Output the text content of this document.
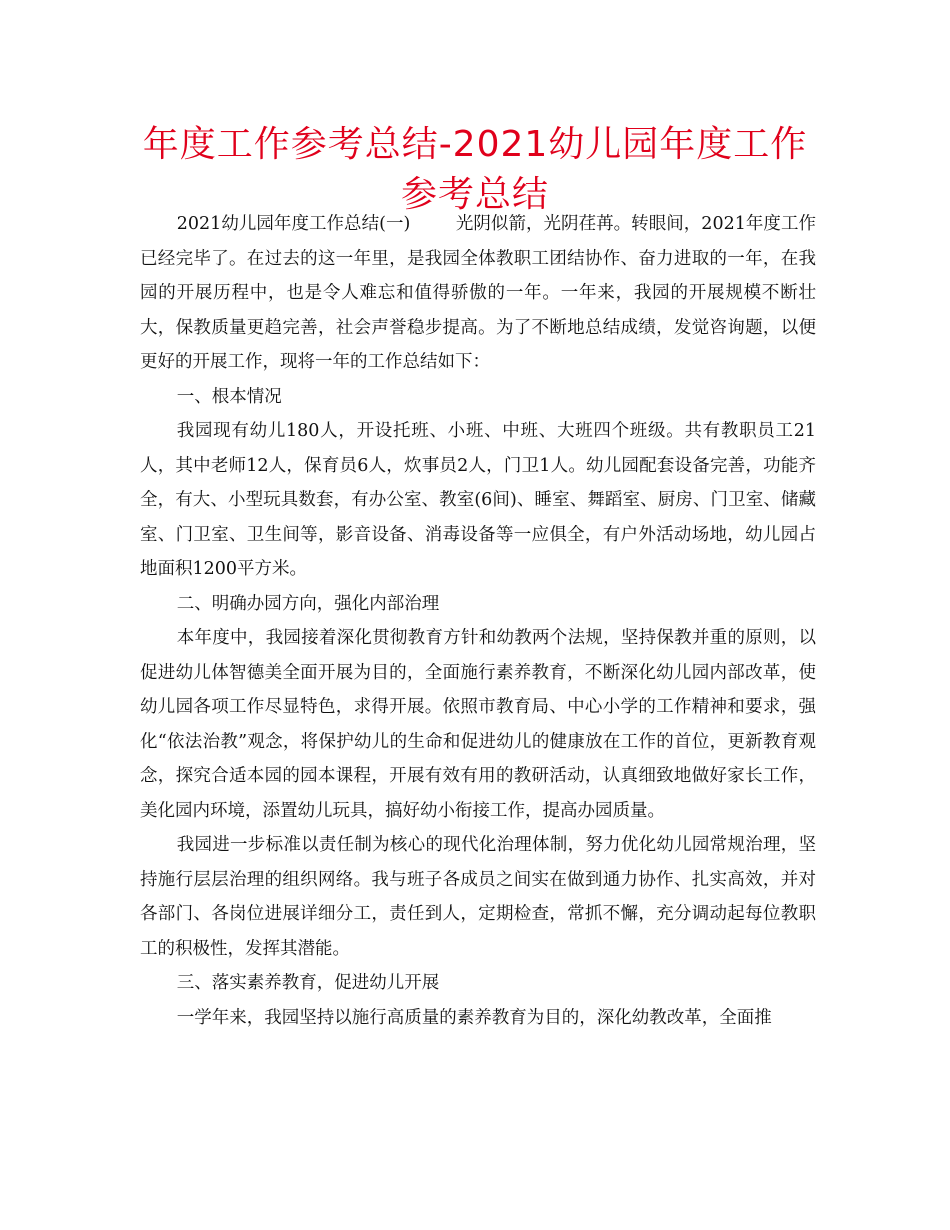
年度工作参考总结-2021幼儿园年度工作参考总结

2021幼儿园年度工作总结(一)	光阴似箭，光阴荏苒。转眼间，2021年度工作已经完毕了。在过去的这一年里，是我园全体教职工团结协作、奋力进取的一年，在我园的开展历程中，也是令人难忘和值得骄傲的一年。一年来，我园的开展规模不断壮大，保教质量更趋完善，社会声誉稳步提高。为了不断地总结成绩，发觉咨询题，以便更好的开展工作，现将一年的工作总结如下：

一、根本情况

我园现有幼儿180人，开设托班、小班、中班、大班四个班级。共有教职员工21人，其中老师12人，保育员6人，炊事员2人，门卫1人。幼儿园配套设备完善，功能齐全，有大、小型玩具数套，有办公室、教室(6间)、睡室、舞蹈室、厨房、门卫室、储藏室、门卫室、卫生间等，影音设备、消毒设备等一应俱全，有户外活动场地，幼儿园占地面积1200平方米。

二、明确办园方向，强化内部治理

本年度中，我园接着深化贯彻教育方针和幼教两个法规，坚持保教并重的原则，以促进幼儿体智德美全面开展为目的，全面施行素养教育，不断深化幼儿园内部改革，使幼儿园各项工作尽显特色，求得开展。依照市教育局、中心小学的工作精神和要求，强化“依法治教”观念，将保护幼儿的生命和促进幼儿的健康放在工作的首位，更新教育观念，探究合适本园的园本课程，开展有效有用的教研活动，认真细致地做好家长工作，美化园内环境，添置幼儿玩具，搞好幼小衔接工作，提高办园质量。

我园进一步标准以责任制为核心的现代化治理体制，努力优化幼儿园常规治理，坚持施行层层治理的组织网络。我与班子各成员之间实在做到通力协作、扎实高效，并对各部门、各岗位进展详细分工，责任到人，定期检查，常抓不懈，充分调动起每位教职工的积极性，发挥其潜能。

三、落实素养教育，促进幼儿开展

一学年来，我园坚持以施行高质量的素养教育为目的，深化幼教改革，全面推
